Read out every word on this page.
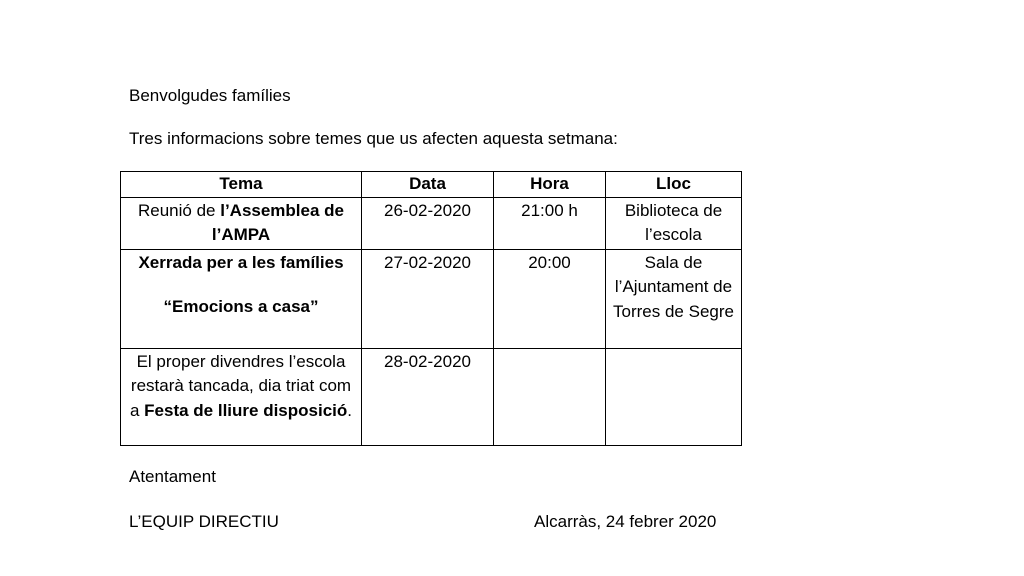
Benvolgudes famílies
Tres informacions sobre temes que us afecten aquesta setmana:
Tema	Data	Hora	Lloc
Reunió de l’Assemblea de l’AMPA	26-02-2020	21:00 h	Biblioteca de l’escola
Xerrada per a les famílies
“Emocions a casa”	27-02-2020	20:00	Sala de l’Ajuntament de Torres de Segre
El proper divendres l’escola restarà tancada, dia triat com a Festa de lliure disposició.	28-02-2020		
Atentament
L’EQUIP DIRECTIU	Alcarràs, 24 febrer 2020
